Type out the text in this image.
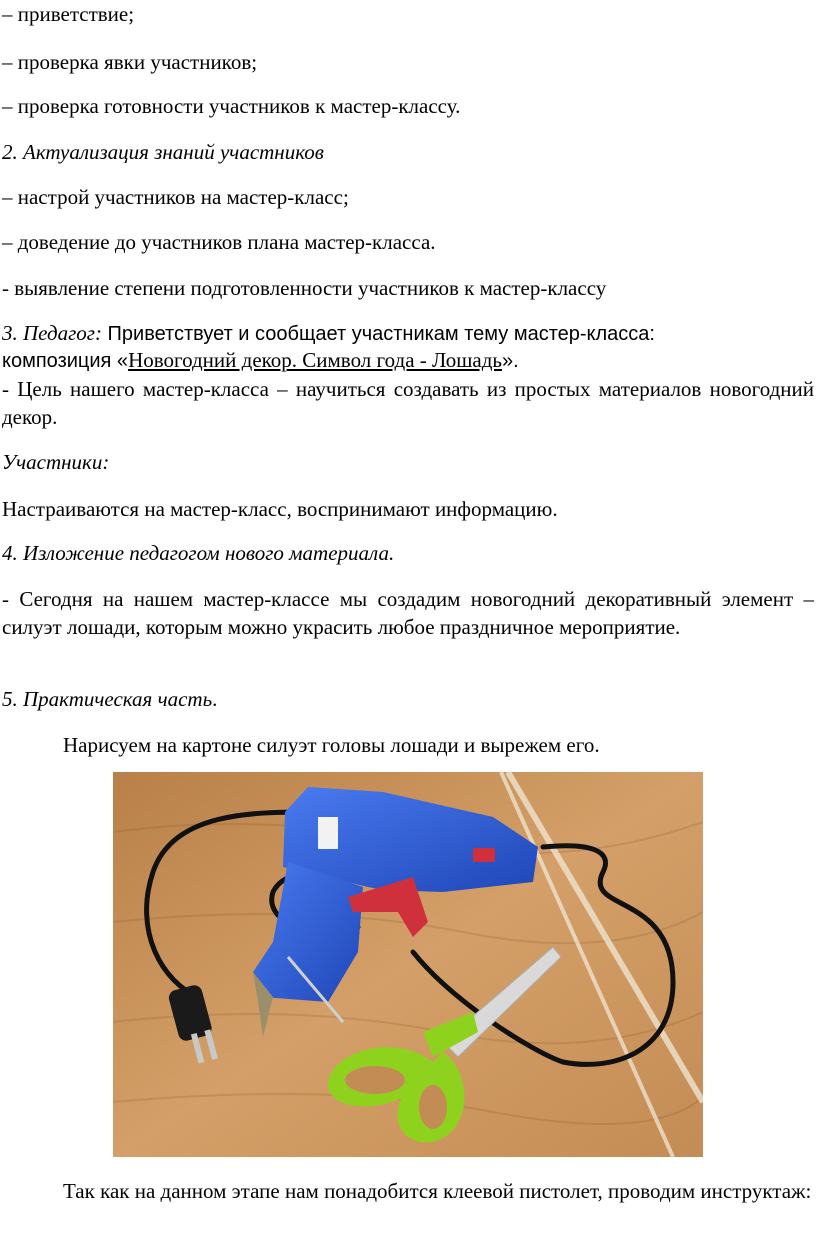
– приветствие;
– проверка явки участников;
– проверка готовности участников к мастер-классу.
2. Актуализация знаний участников
– настрой участников на мастер-класс;
– доведение до участников плана мастер-класса.
- выявление степени подготовленности участников к мастер-классу
3. Педагог: Приветствует и сообщает участникам тему мастер-класса:
композиция «Новогодний декор. Символ года - Лошадь».
- Цель нашего мастер-класса – научиться создавать из простых материалов новогодний декор.
Участники:
Настраиваются на мастер-класс, воспринимают информацию.
4. Изложение педагогом нового материала.
- Сегодня на нашем мастер-классе мы создадим новогодний декоративный элемент – силуэт лошади, которым можно украсить любое праздничное мероприятие.
5. Практическая часть.
Нарисуем на картоне силуэт головы лошади и вырежем его.
Так как на данном этапе нам понадобится клеевой пистолет, проводим инструктаж:
